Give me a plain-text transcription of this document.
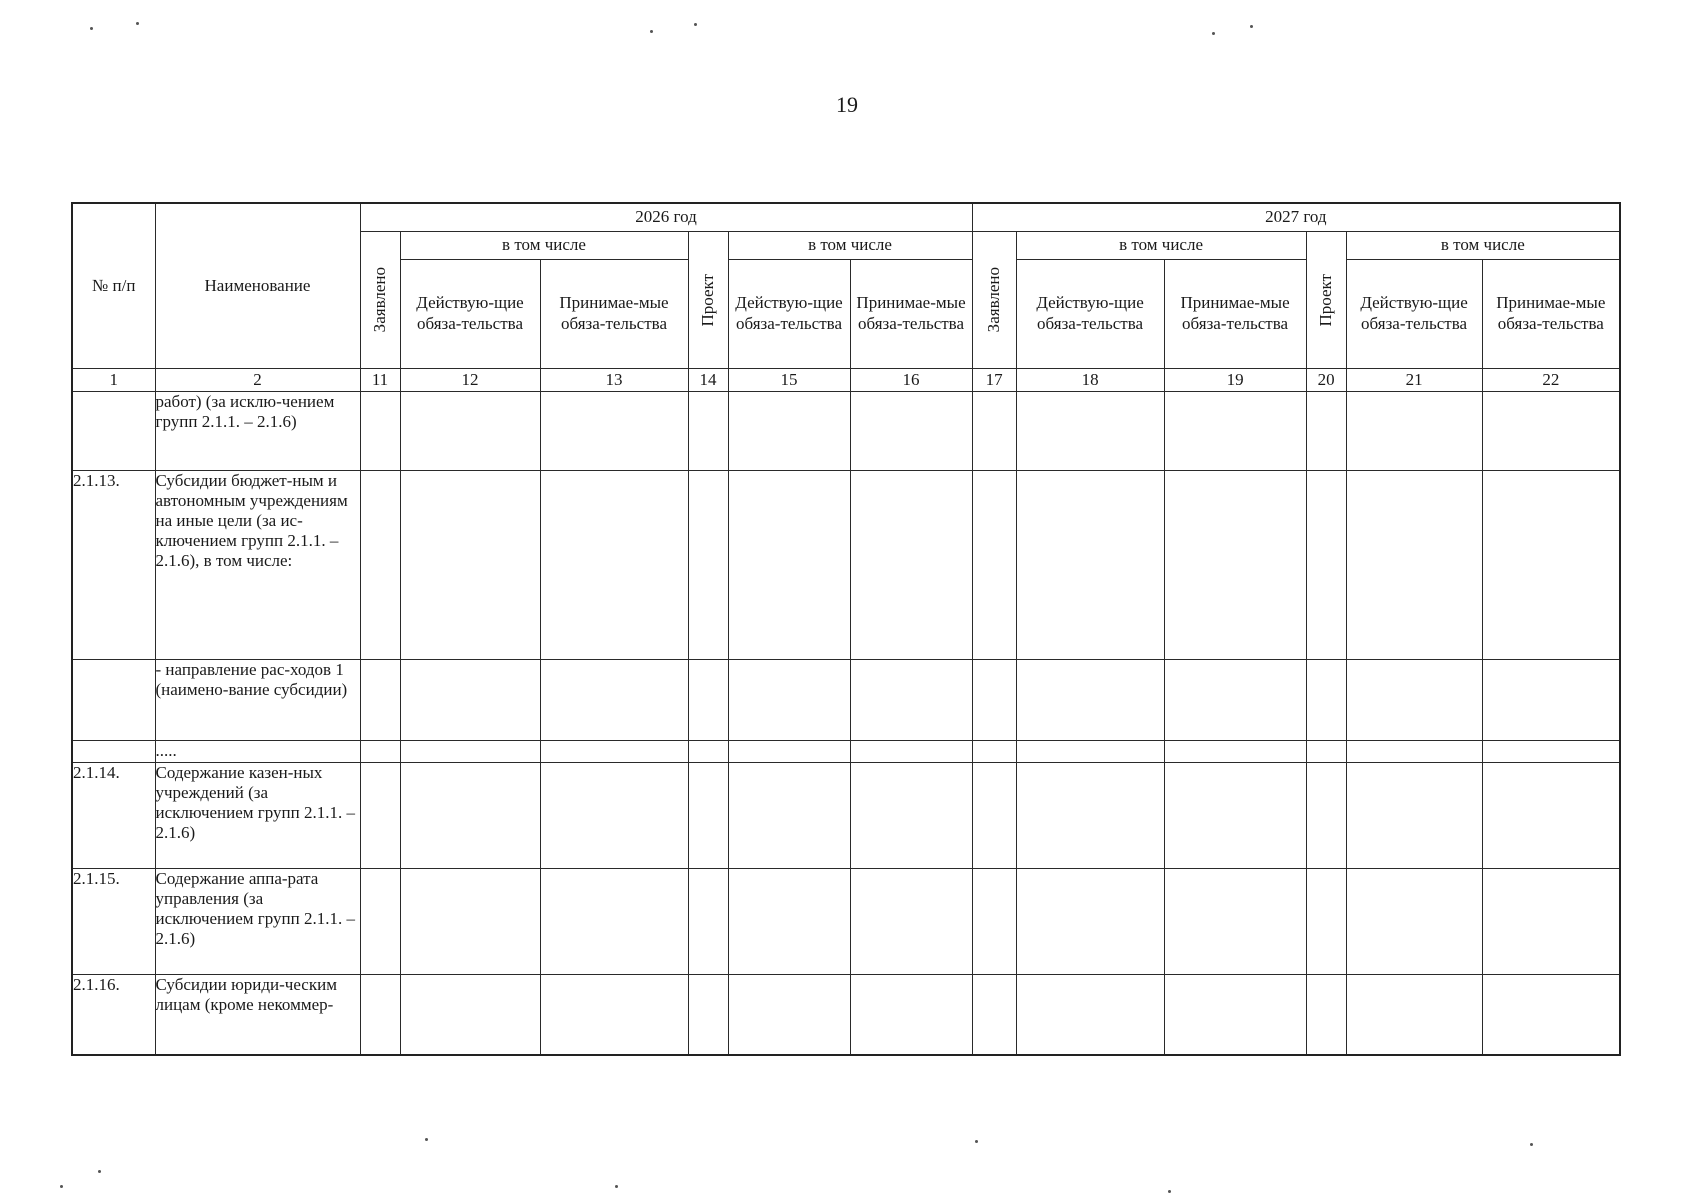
19
№ п/п	Наименование	2026 год						2027 год					

		Заявлено	в том числе		Проект	в том числе		Заявлено	в том числе		Проект	в том числе	

			Действую-щие обяза-тельства	Принимае-мые обяза-тельства		Действую-щие обяза-тельства	Принимае-мые обяза-тельства		Действую-щие обяза-тельства	Принимае-мые обяза-тельства		Действую-щие обяза-тельства	Принимае-мые обяза-тельства

1	2	11	12	13	14	15	16	17	18	19	20	21	22
	работ) (за исклю-чением групп 2.1.1. – 2.1.6)												
2.1.13.	Субсидии бюджет-ным и автономным учреждениям на иные цели (за ис-ключением групп 2.1.1. – 2.1.6), в том числе:												
	- направление рас-ходов 1 (наимено-вание субсидии)												
	.....												
2.1.14.	Содержание казен-ных учреждений (за исключением групп 2.1.1. – 2.1.6)												
2.1.15.	Содержание аппа-рата управления (за исключением групп 2.1.1. – 2.1.6)												
2.1.16.	Субсидии юриди-ческим лицам (кроме некоммер-												
